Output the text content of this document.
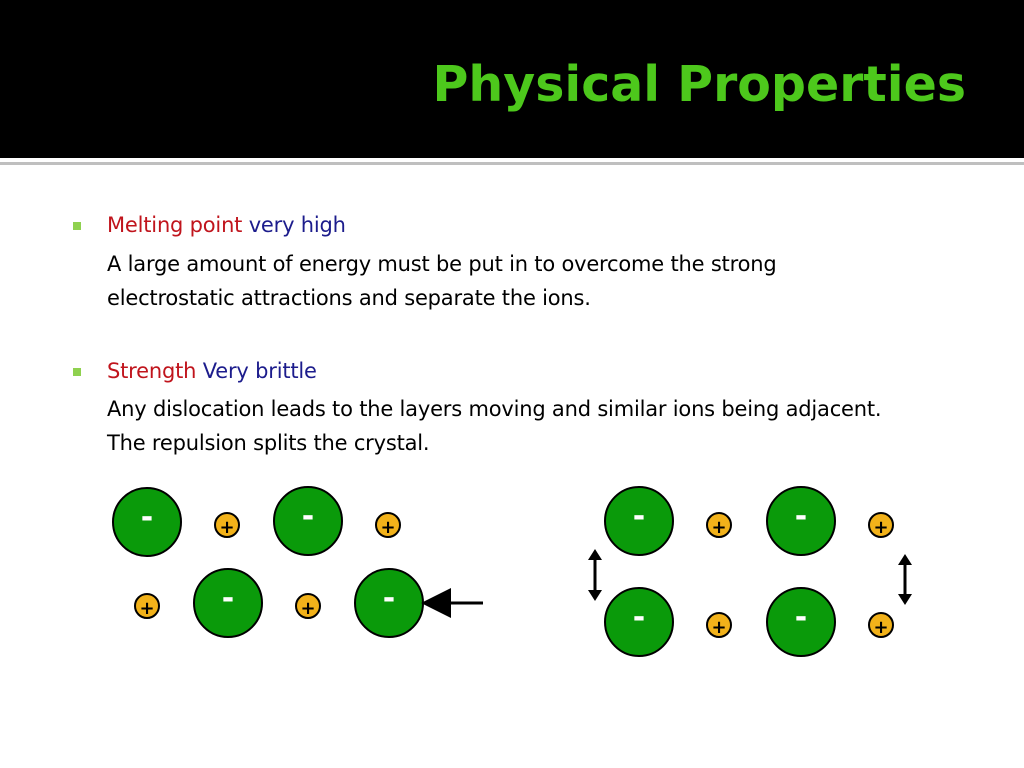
Physical Properties
Melting point very high
A large amount of energy must be put in to overcome the strong
electrostatic attractions and separate the ions.
Strength Very brittle
Any dislocation leads to the layers moving and similar ions being adjacent.
The repulsion splits the crystal.
-	+ -	+
+ -	+ -
-	+ -	+
-	+ -	+
